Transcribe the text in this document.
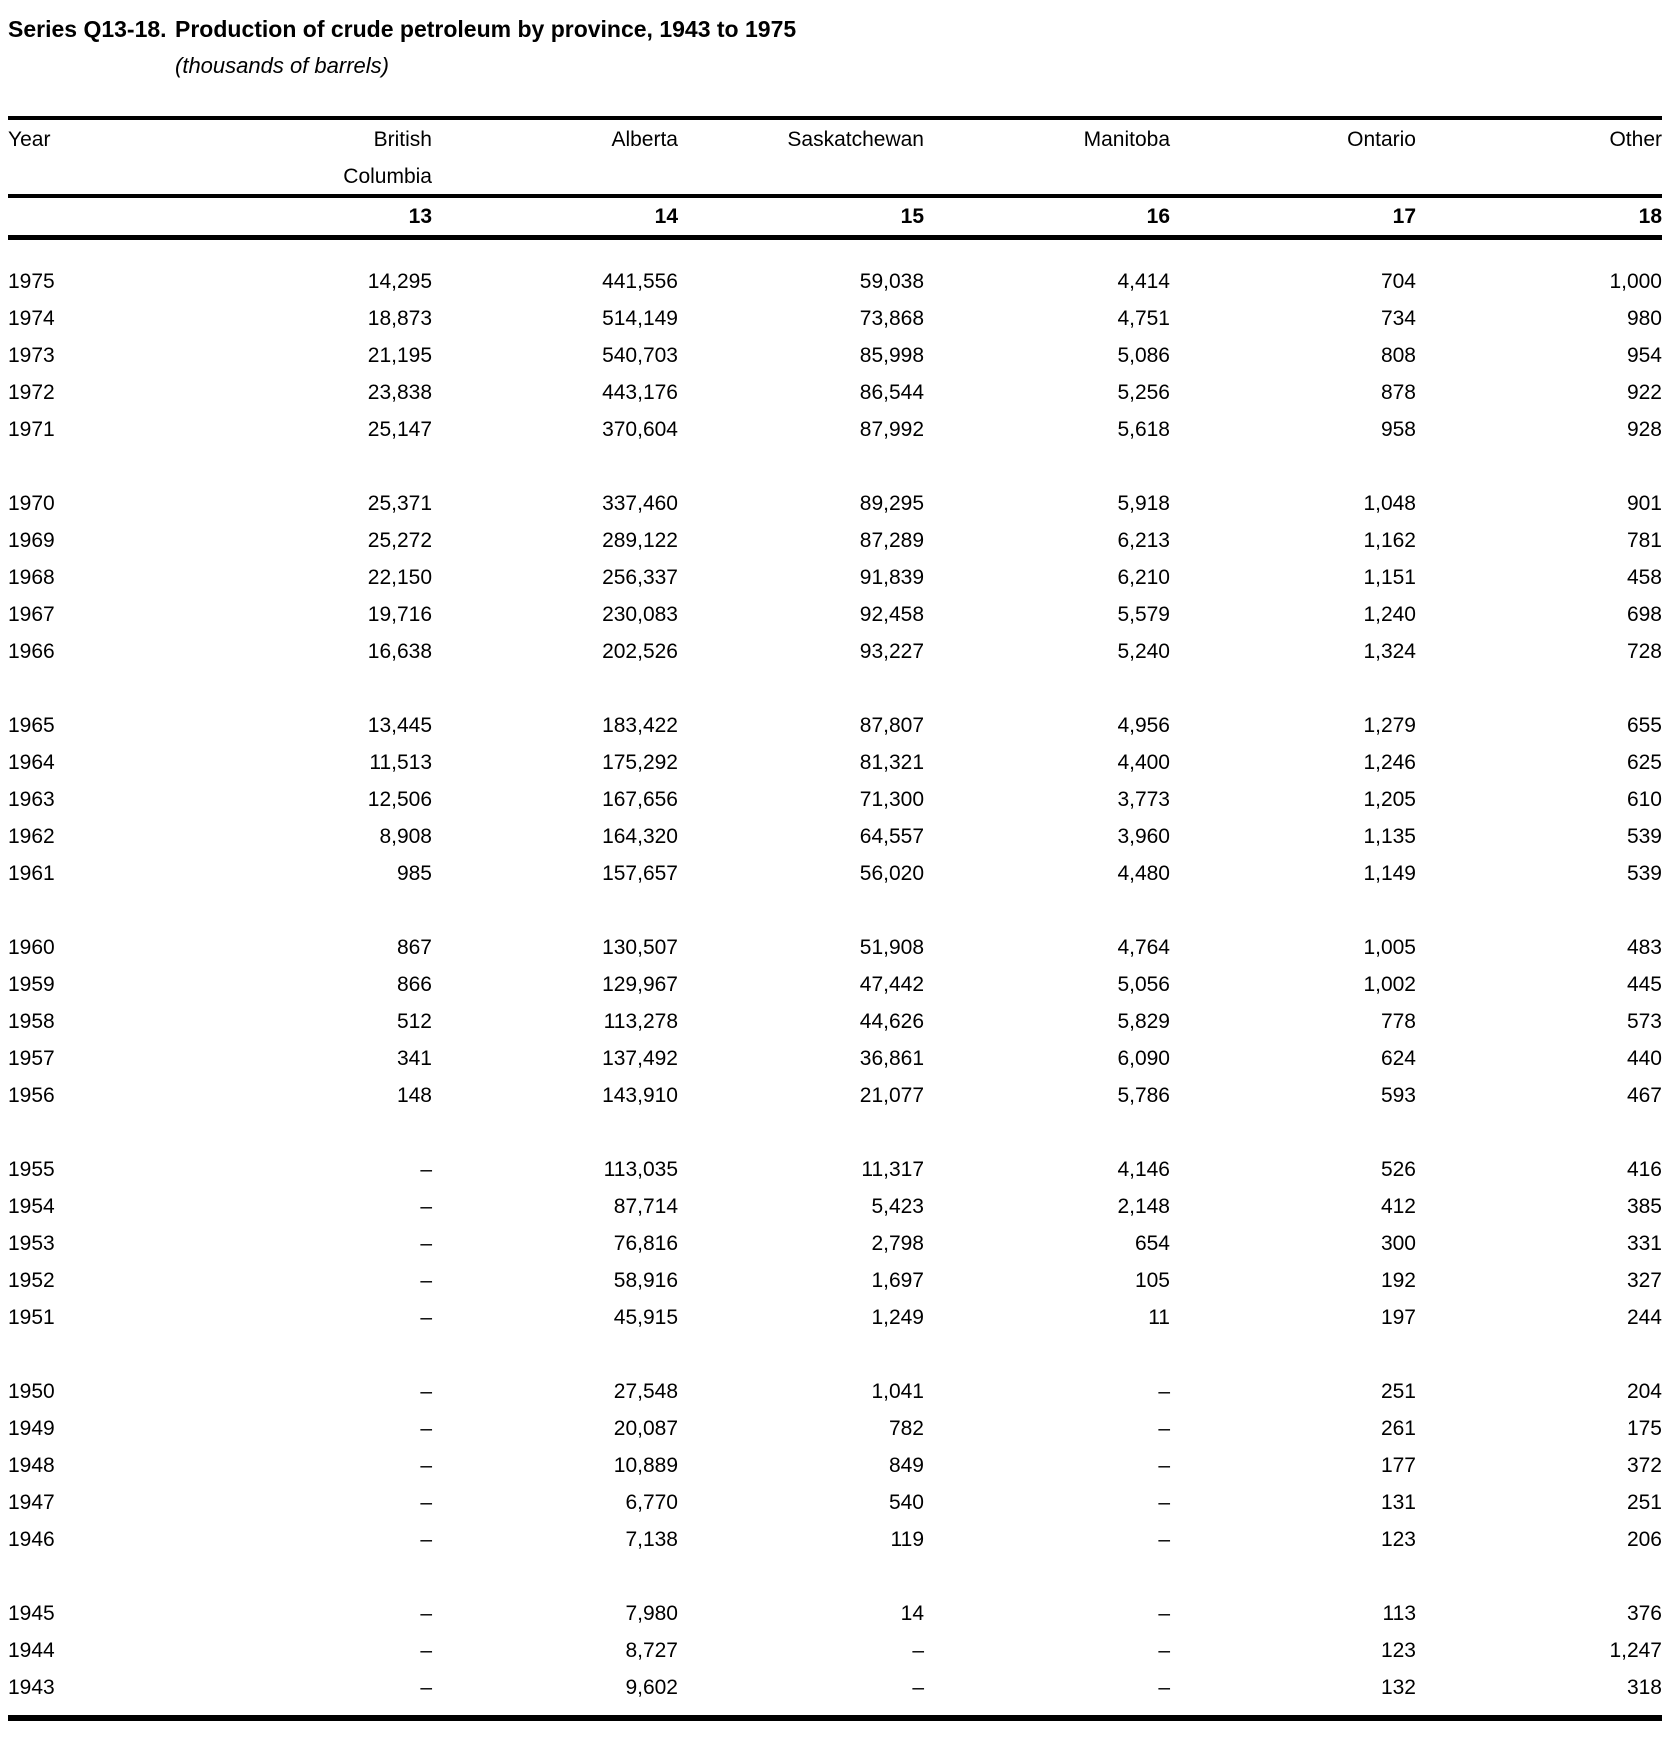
Series Q13-18. Production of crude petroleum by province, 1943 to 1975
(thousands of barrels)
Year	British	Alberta	Saskatchewan	Manitoba	Ontario	Other
Columbia
13	14	15	16	17	18
1975	14,295	441,556	59,038	4,414	704	1,000
1974	18,873	514,149	73,868	4,751	734	980
1973	21,195	540,703	85,998	5,086	808	954
1972	23,838	443,176	86,544	5,256	878	922
1971	25,147	370,604	87,992	5,618	958	928
1970	25,371	337,460	89,295	5,918	1,048	901
1969	25,272	289,122	87,289	6,213	1,162	781
1968	22,150	256,337	91,839	6,210	1,151	458
1967	19,716	230,083	92,458	5,579	1,240	698
1966	16,638	202,526	93,227	5,240	1,324	728
1965	13,445	183,422	87,807	4,956	1,279	655
1964	11,513	175,292	81,321	4,400	1,246	625
1963	12,506	167,656	71,300	3,773	1,205	610
1962	8,908	164,320	64,557	3,960	1,135	539
1961	985	157,657	56,020	4,480	1,149	539
1960	867	130,507	51,908	4,764	1,005	483
1959	866	129,967	47,442	5,056	1,002	445
1958	512	113,278	44,626	5,829	778	573
1957	341	137,492	36,861	6,090	624	440
1956	148	143,910	21,077	5,786	593	467
1955	–	113,035	11,317	4,146	526	416
1954	–	87,714	5,423	2,148	412	385
1953	–	76,816	2,798	654	300	331
1952	–	58,916	1,697	105	192	327
1951	–	45,915	1,249	11	197	244
1950	–	27,548	1,041	–	251	204
1949	–	20,087	782	–	261	175
1948	–	10,889	849	–	177	372
1947	–	6,770	540	–	131	251
1946	–	7,138	119	–	123	206
1945	–	7,980	14	–	113	376
1944	–	8,727	–	–	123	1,247
1943	–	9,602	–	–	132	318
